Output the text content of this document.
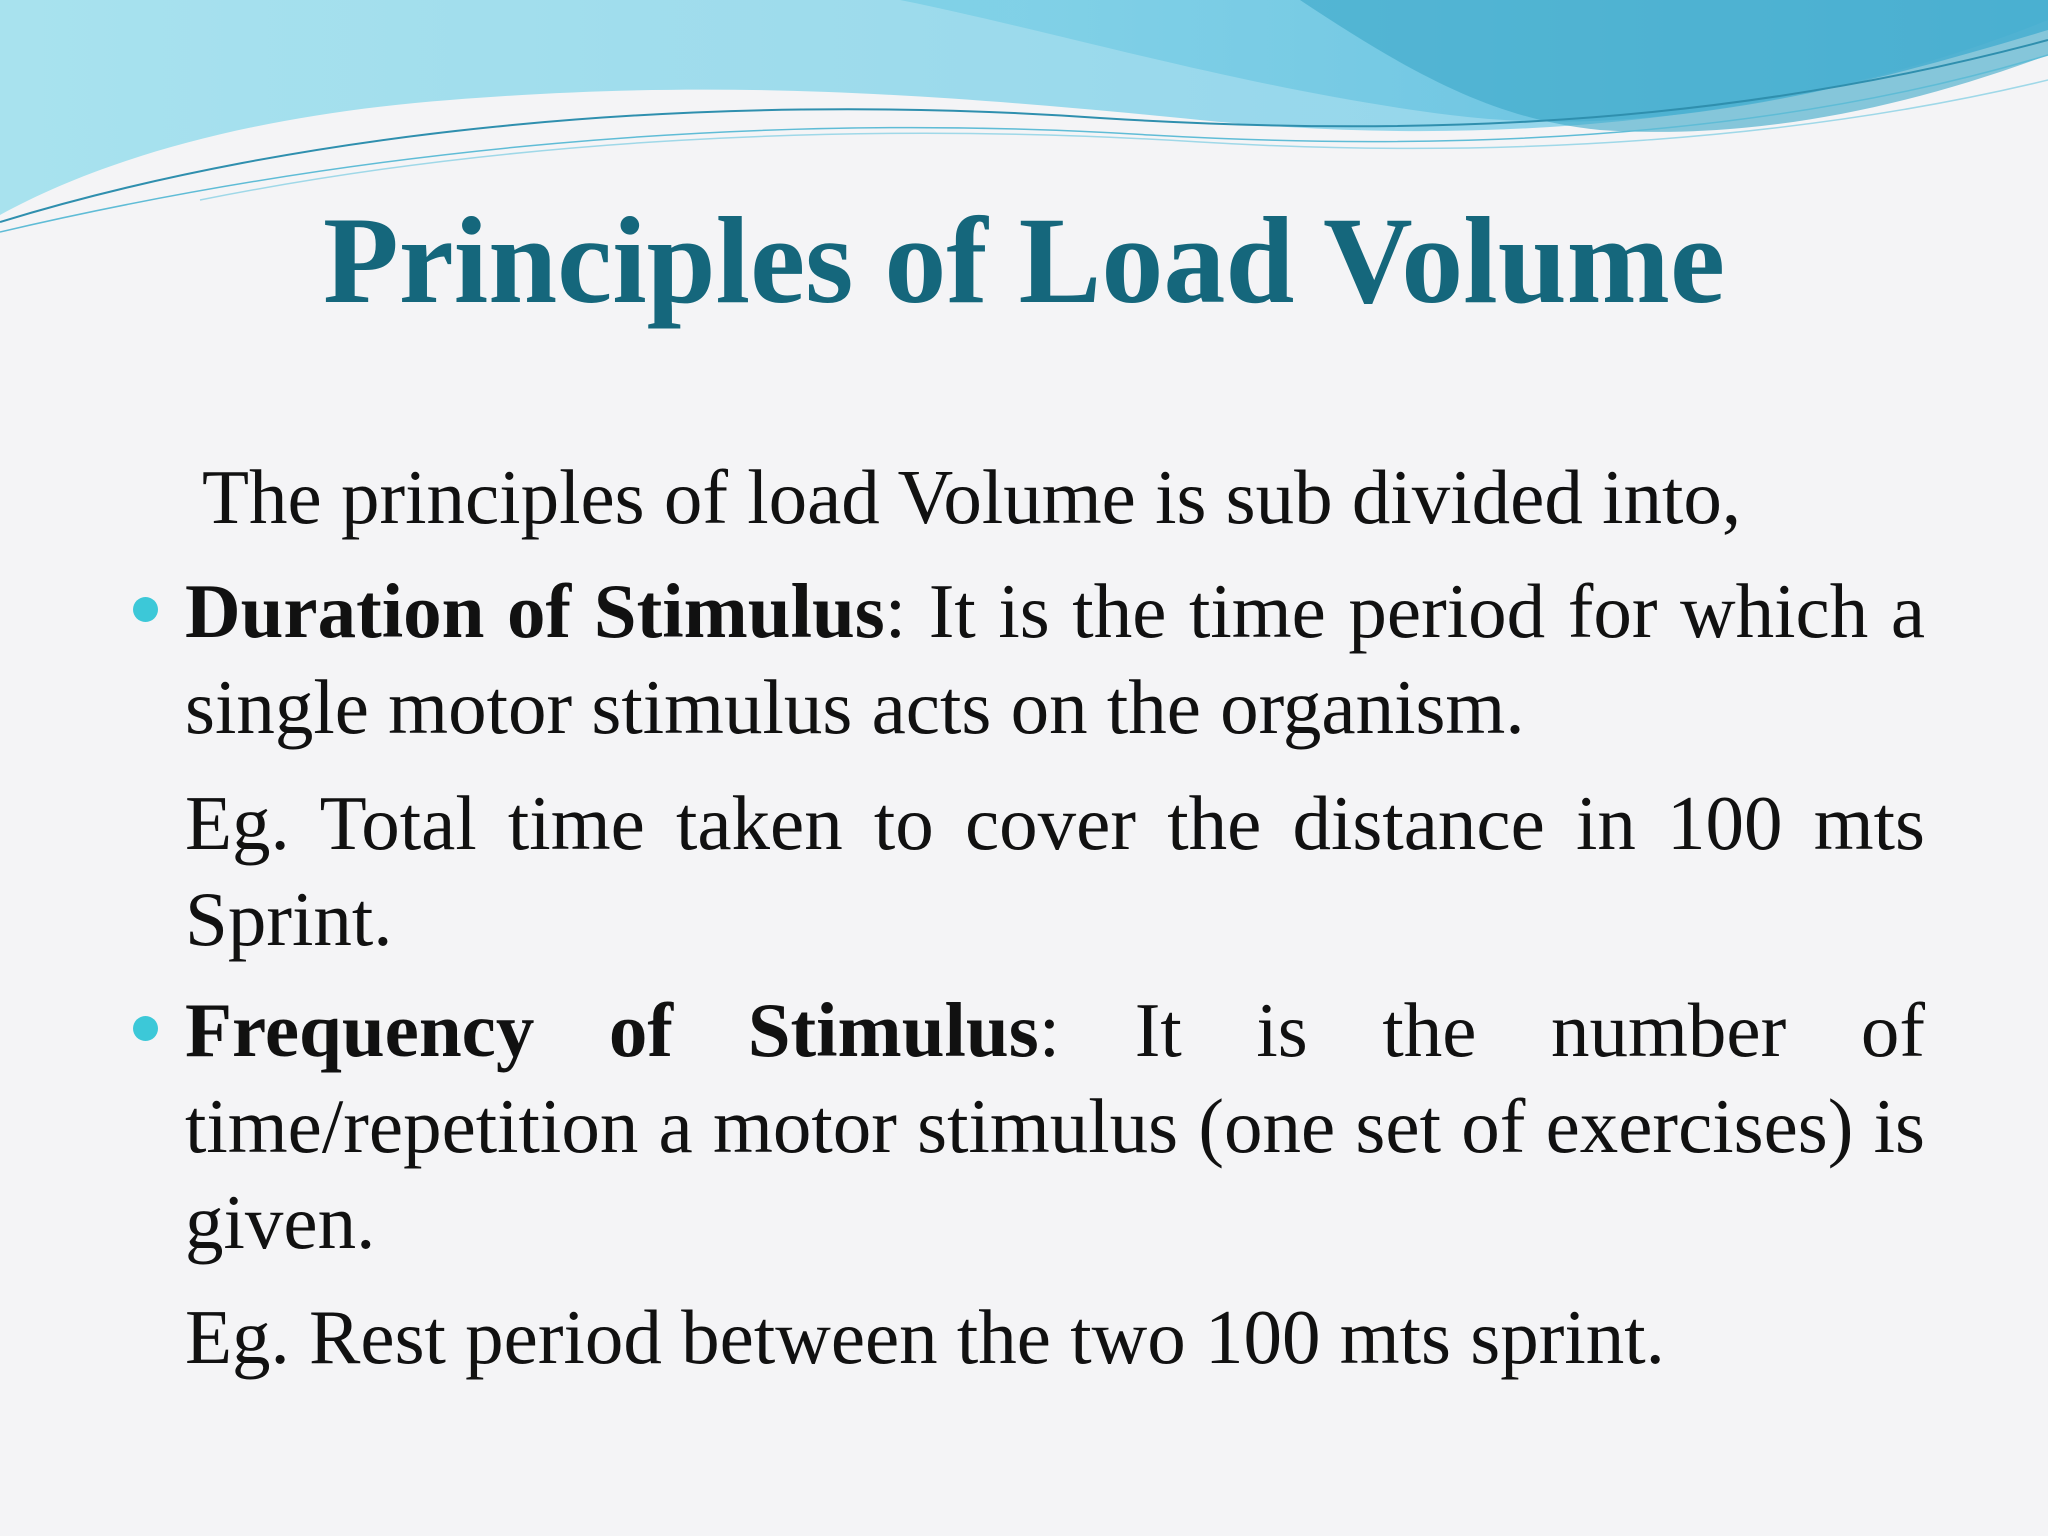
Principles of Load Volume
The principles of load Volume is sub divided into,
Duration of Stimulus: It is the time period for which a single motor stimulus acts on the organism.
Eg. Total time taken to cover the distance in 100 mts Sprint.
Frequency of Stimulus: It is the number of time/repetition a motor stimulus (one set of exercises) is given.
Eg. Rest period between the two 100 mts sprint.
